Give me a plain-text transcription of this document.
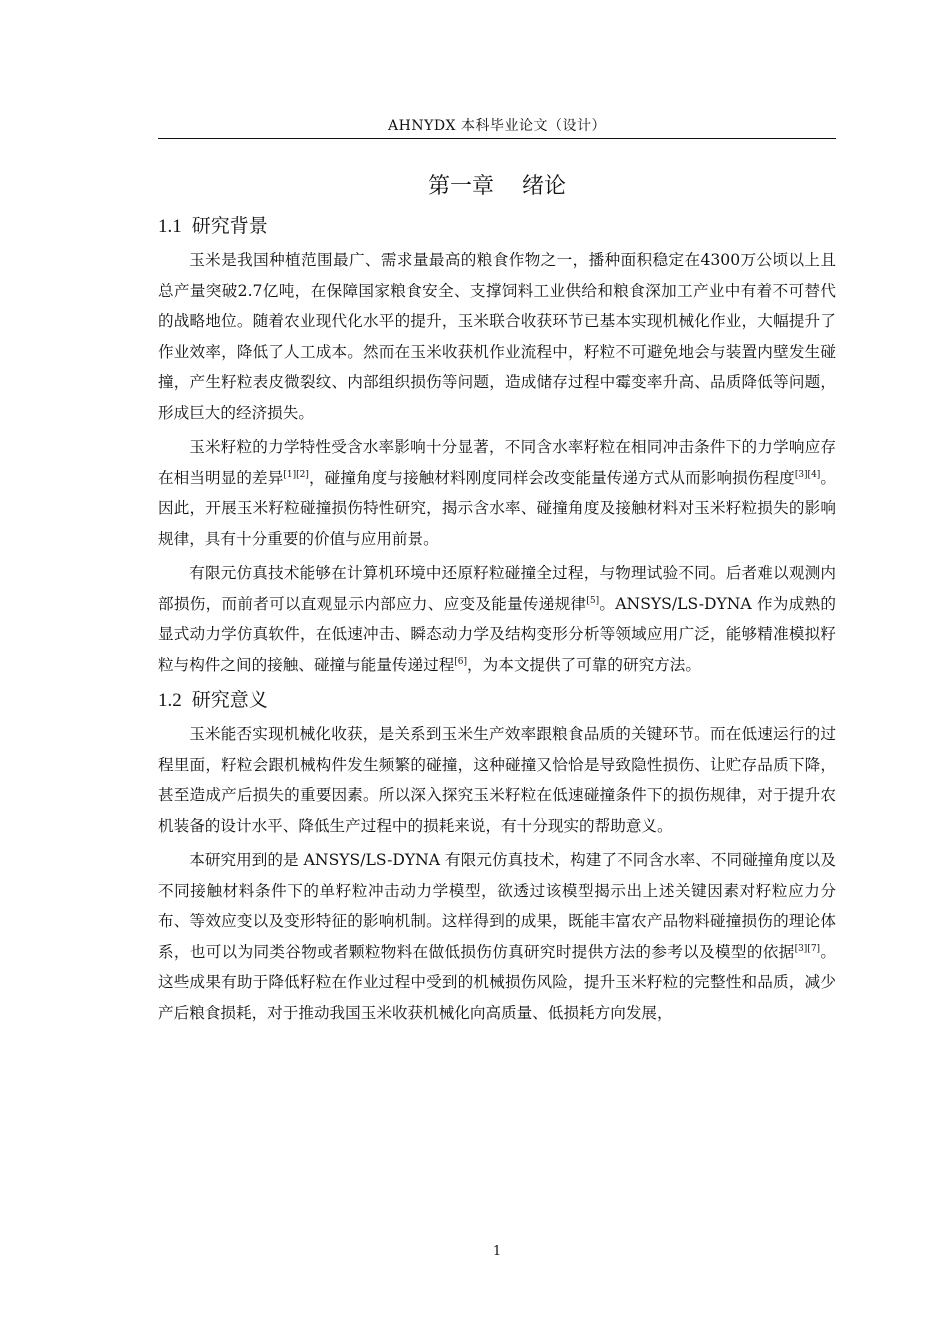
AHNYDX 本科毕业论文（设计）
第一章 绪论
1.1 研究背景

玉米是我国种植范围最广、需求量最高的粮食作物之一，播种面积稳定在4300万公顷以上且总产量突破2.7亿吨，在保障国家粮食安全、支撑饲料工业供给和粮食深加工产业中有着不可替代的战略地位。随着农业现代化水平的提升，玉米联合收获环节已基本实现机械化作业，大幅提升了作业效率，降低了人工成本。然而在玉米收获机作业流程中，籽粒不可避免地会与装置内壁发生碰撞，产生籽粒表皮微裂纹、内部组织损伤等问题，造成储存过程中霉变率升高、品质降低等问题，形成巨大的经济损失。

玉米籽粒的力学特性受含水率影响十分显著，不同含水率籽粒在相同冲击条件下的力学响应存在相当明显的差异[1][2]，碰撞角度与接触材料刚度同样会改变能量传递方式从而影响损伤程度[3][4]。因此，开展玉米籽粒碰撞损伤特性研究，揭示含水率、碰撞角度及接触材料对玉米籽粒损失的影响规律，具有十分重要的价值与应用前景。

有限元仿真技术能够在计算机环境中还原籽粒碰撞全过程，与物理试验不同。后者难以观测内部损伤，而前者可以直观显示内部应力、应变及能量传递规律[5]。ANSYS/LS-DYNA 作为成熟的显式动力学仿真软件，在低速冲击、瞬态动力学及结构变形分析等领域应用广泛，能够精准模拟籽粒与构件之间的接触、碰撞与能量传递过程[6]，为本文提供了可靠的研究方法。

1.2 研究意义

玉米能否实现机械化收获，是关系到玉米生产效率跟粮食品质的关键环节。而在低速运行的过程里面，籽粒会跟机械构件发生频繁的碰撞，这种碰撞又恰恰是导致隐性损伤、让贮存品质下降，甚至造成产后损失的重要因素。所以深入探究玉米籽粒在低速碰撞条件下的损伤规律，对于提升农机装备的设计水平、降低生产过程中的损耗来说，有十分现实的帮助意义。

本研究用到的是 ANSYS/LS-DYNA 有限元仿真技术，构建了不同含水率、不同碰撞角度以及不同接触材料条件下的单籽粒冲击动力学模型，欲透过该模型揭示出上述关键因素对籽粒应力分布、等效应变以及变形特征的影响机制。这样得到的成果，既能丰富农产品物料碰撞损伤的理论体系，也可以为同类谷物或者颗粒物料在做低损伤仿真研究时提供方法的参考以及模型的依据[3][7]。这些成果有助于降低籽粒在作业过程中受到的机械损伤风险，提升玉米籽粒的完整性和品质，减少产后粮食损耗，对于推动我国玉米收获机械化向高质量、低损耗方向发展，

1
